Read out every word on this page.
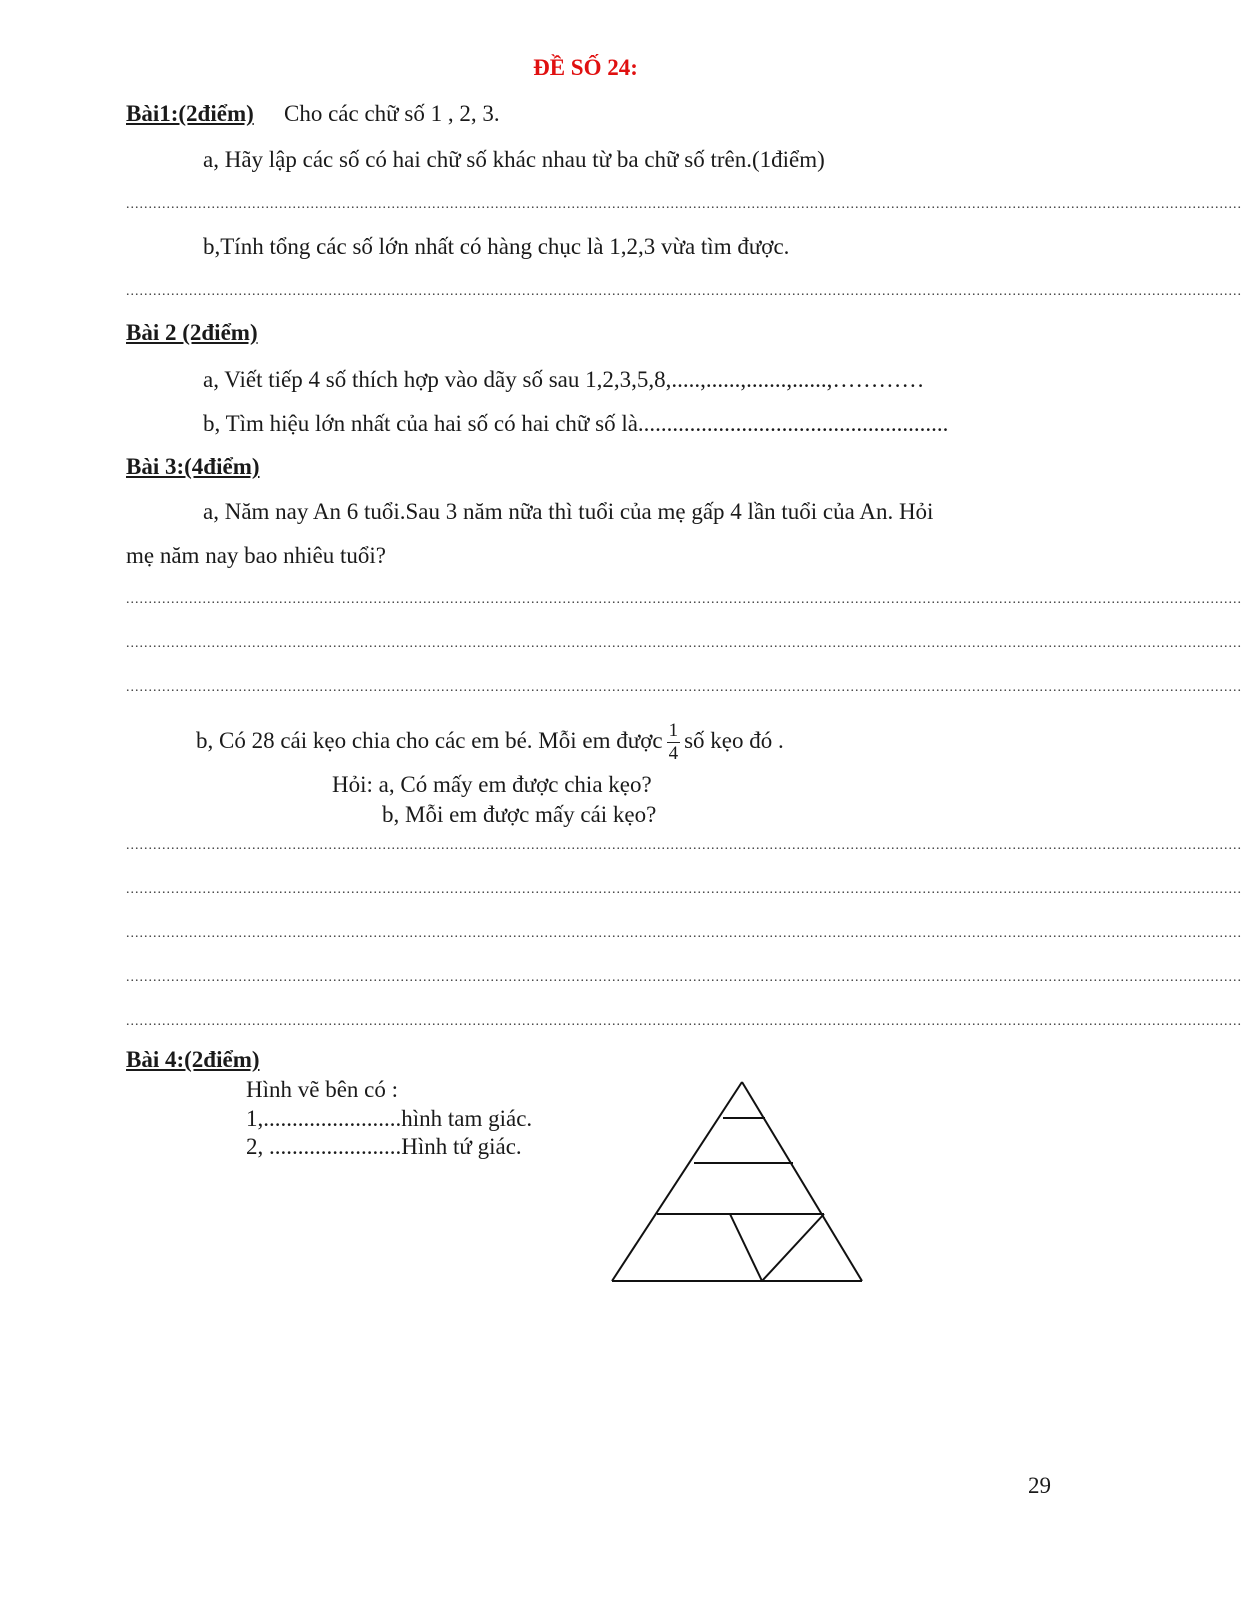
ĐỀ SỐ 24:
Bài1:(2điểm) Cho các chữ số 1 , 2, 3.
a, Hãy lập các số có hai chữ số khác nhau từ ba chữ số trên.(1điểm)
........................................................................................................................................................................................................................................................
b,Tính tổng các số lớn nhất có hàng chục là 1,2,3 vừa tìm được.
........................................................................................................................................................................................................................................................
Bài 2 (2điểm)
a, Viết tiếp 4 số thích hợp vào dãy số sau 1,2,3,5,8,.....,......,.......,......,…………
b, Tìm hiệu lớn nhất của hai số có hai chữ số là......................................................
Bài 3:(4điểm)
a, Năm nay An 6 tuổi.Sau 3 năm nữa thì tuổi của mẹ gấp 4 lần tuổi của An. Hỏi
mẹ năm nay bao nhiêu tuổi?
........................................................................................................................................................................................................................................................
........................................................................................................................................................................................................................................................
........................................................................................................................................................................................................................................................
b, Có 28 cái kẹo chia cho các em bé. Mỗi em được $\frac{1}{4}$ số kẹo đó .
Hỏi: a, Có mấy em được chia kẹo?
b, Mỗi em được mấy cái kẹo?
........................................................................................................................................................................................................................................................
........................................................................................................................................................................................................................................................
........................................................................................................................................................................................................................................................
........................................................................................................................................................................................................................................................
........................................................................................................................................................................................................................................................
Bài 4:(2điểm)
Hình vẽ bên có :
1,........................hình tam giác.
2, .......................Hình tứ giác.
29
